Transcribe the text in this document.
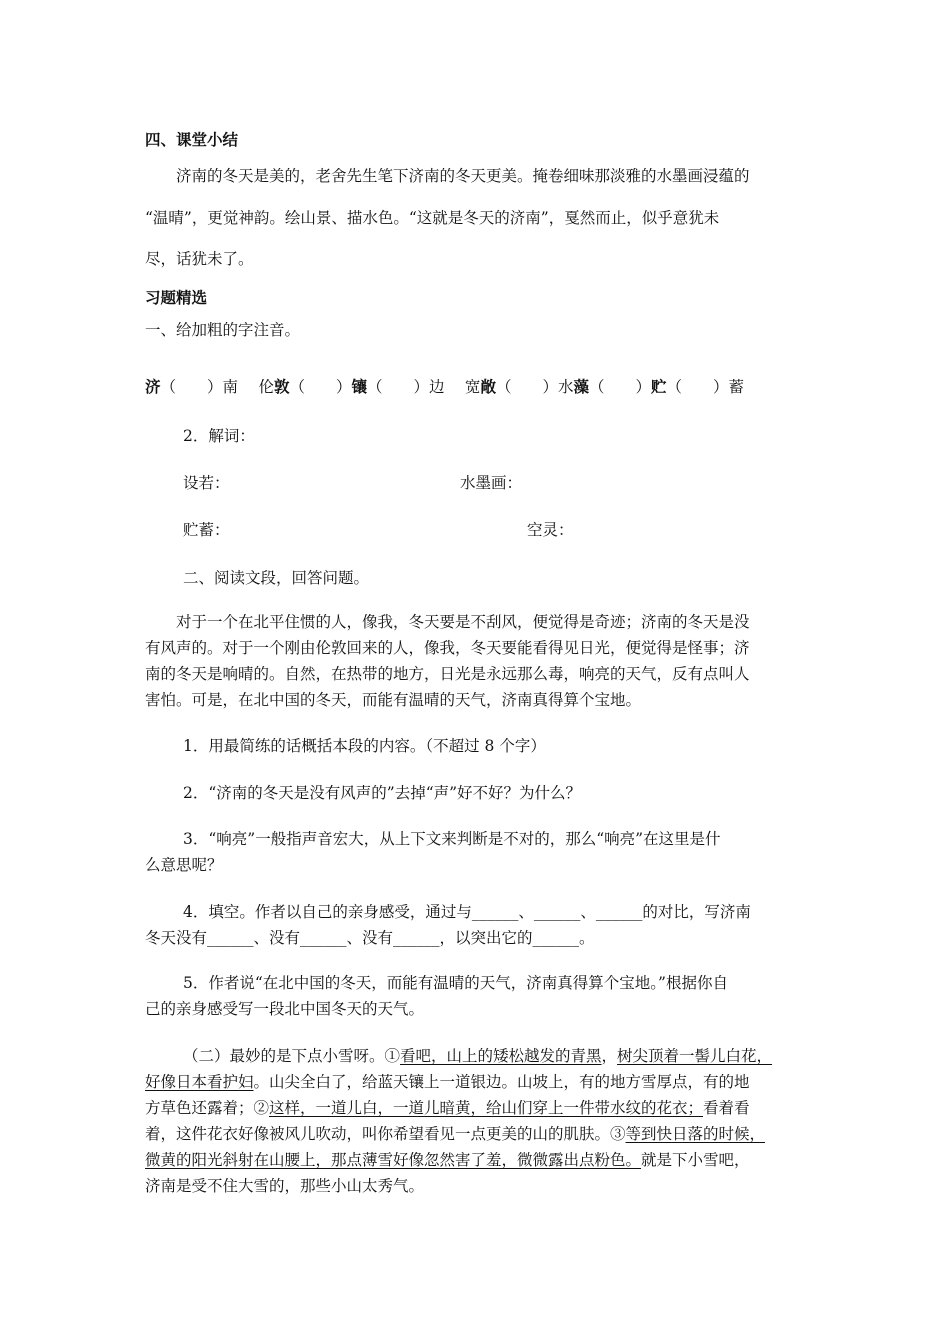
四、课堂小结
济南的冬天是美的，老舍先生笔下济南的冬天更美。掩卷细味那淡雅的水墨画浸蕴的
“温晴”，更觉神韵。绘山景、描水色。“这就是冬天的济南”，戛然而止，似乎意犹未
尽，话犹未了。
习题精选
一、给加粗的字注音。
济（　　）南　 伦敦（　　）镶（　　）边　 宽敞（　　）水藻（　　）贮（　　）蓄
2．解词：
设若：	水墨画：
贮蓄：	空灵：
二、阅读文段，回答问题。
对于一个在北平住惯的人，像我，冬天要是不刮风，便觉得是奇迹；济南的冬天是没
有风声的。对于一个刚由伦敦回来的人，像我，冬天要能看得见日光，便觉得是怪事；济
南的冬天是响晴的。自然，在热带的地方，日光是永远那么毒，响亮的天气，反有点叫人
害怕。可是，在北中国的冬天，而能有温晴的天气，济南真得算个宝地。
1．用最简练的话概括本段的内容。（不超过 8 个字）
2．“济南的冬天是没有风声的”去掉“声”好不好？为什么？
3．“响亮”一般指声音宏大，从上下文来判断是不对的，那么“响亮”在这里是什
么意思呢？
4．填空。作者以自己的亲身感受，通过与______、______、______的对比，写济南
冬天没有______、没有______、没有______，以突出它的______。
5．作者说“在北中国的冬天，而能有温晴的天气，济南真得算个宝地。”根据你自
己的亲身感受写一段北中国冬天的天气。
（二）最妙的是下点小雪呀。①看吧，山上的矮松越发的青黑，树尖顶着一髻儿白花，
好像日本看护妇。山尖全白了，给蓝天镶上一道银边。山坡上，有的地方雪厚点，有的地
方草色还露着；②这样，一道儿白，一道儿暗黄，给山们穿上一件带水纹的花衣；看着看
着，这件花衣好像被风儿吹动，叫你希望看见一点更美的山的肌肤。③等到快日落的时候，
微黄的阳光斜射在山腰上，那点薄雪好像忽然害了羞，微微露出点粉色。就是下小雪吧，
济南是受不住大雪的，那些小山太秀气。
